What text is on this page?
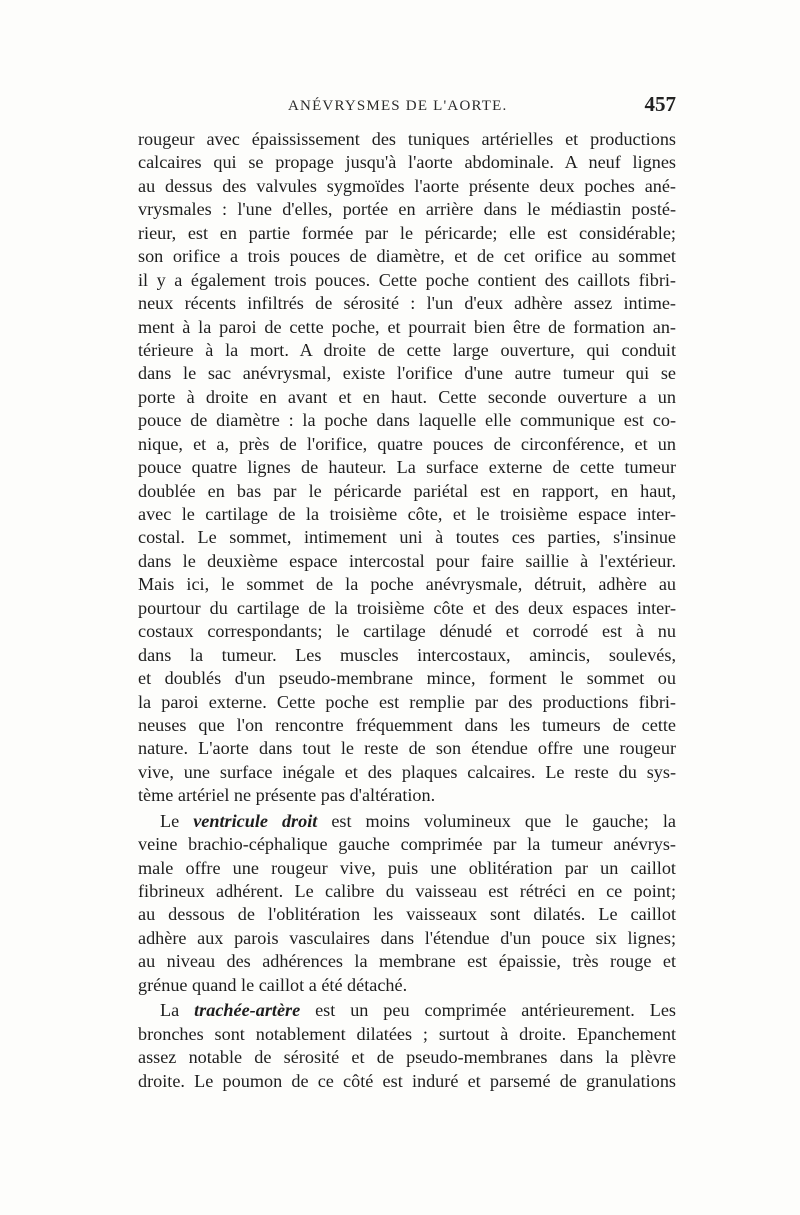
ANÉVRYSMES DE L'AORTE.	457
rougeur avec épaississement des tuniques artérielles et productions
calcaires qui se propage jusqu'à l'aorte abdominale. A neuf lignes
au dessus des valvules sygmoïdes l'aorte présente deux poches ané-
vrysmales : l'une d'elles, portée en arrière dans le médiastin posté-
rieur, est en partie formée par le péricarde; elle est considérable;
son orifice a trois pouces de diamètre, et de cet orifice au sommet
il y a également trois pouces. Cette poche contient des caillots fibri-
neux récents infiltrés de sérosité : l'un d'eux adhère assez intime-
ment à la paroi de cette poche, et pourrait bien être de formation an-
térieure à la mort. A droite de cette large ouverture, qui conduit
dans le sac anévrysmal, existe l'orifice d'une autre tumeur qui se
porte à droite en avant et en haut. Cette seconde ouverture a un
pouce de diamètre : la poche dans laquelle elle communique est co-
nique, et a, près de l'orifice, quatre pouces de circonférence, et un
pouce quatre lignes de hauteur. La surface externe de cette tumeur
doublée en bas par le péricarde pariétal est en rapport, en haut,
avec le cartilage de la troisième côte, et le troisième espace inter-
costal. Le sommet, intimement uni à toutes ces parties, s'insinue
dans le deuxième espace intercostal pour faire saillie à l'extérieur.
Mais ici, le sommet de la poche anévrysmale, détruit, adhère au
pourtour du cartilage de la troisième côte et des deux espaces inter-
costaux correspondants; le cartilage dénudé et corrodé est à nu
dans la tumeur. Les muscles intercostaux, amincis, soulevés,
et doublés d'un pseudo-membrane mince, forment le sommet ou
la paroi externe. Cette poche est remplie par des productions fibri-
neuses que l'on rencontre fréquemment dans les tumeurs de cette
nature. L'aorte dans tout le reste de son étendue offre une rougeur
vive, une surface inégale et des plaques calcaires. Le reste du sys-
tème artériel ne présente pas d'altération.
Le ventricule droit est moins volumineux que le gauche; la
veine brachio-céphalique gauche comprimée par la tumeur anévrys-
male offre une rougeur vive, puis une oblitération par un caillot
fibrineux adhérent. Le calibre du vaisseau est rétréci en ce point;
au dessous de l'oblitération les vaisseaux sont dilatés. Le caillot
adhère aux parois vasculaires dans l'étendue d'un pouce six lignes;
au niveau des adhérences la membrane est épaissie, très rouge et
grénue quand le caillot a été détaché.
La trachée-artère est un peu comprimée antérieurement. Les
bronches sont notablement dilatées ; surtout à droite. Epanchement
assez notable de sérosité et de pseudo-membranes dans la plèvre
droite. Le poumon de ce côté est induré et parsemé de granulations
